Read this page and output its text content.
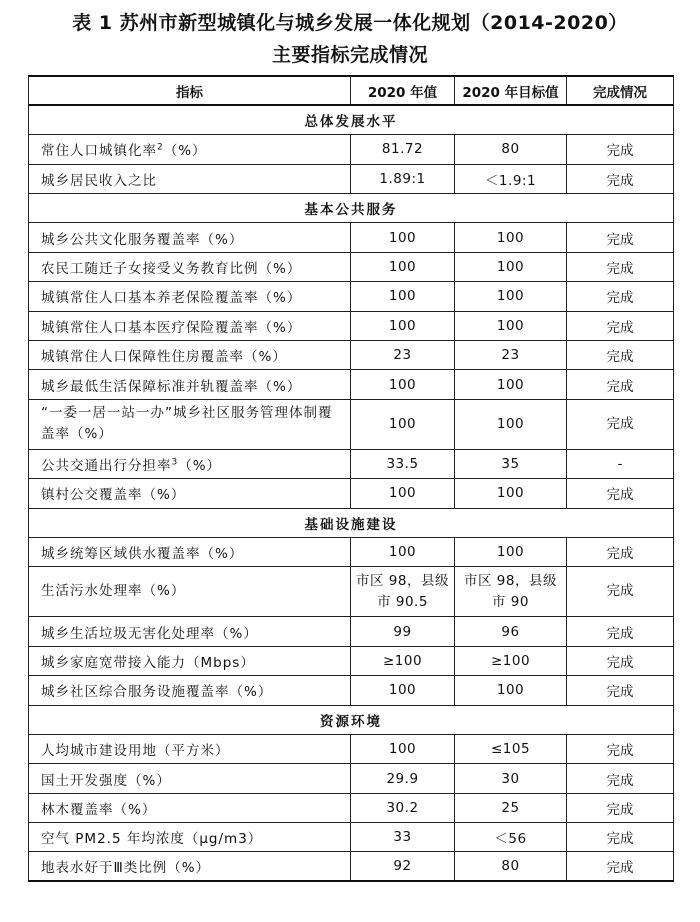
表 1 苏州市新型城镇化与城乡发展一体化规划（2014-2020）
主要指标完成情况
指标	2020 年值	2020 年目标值	完成情况
总体发展水平			
常住人口城镇化率$^2$（%）	81.72	80	完成
城乡居民收入之比	1.89:1	＜1.9:1	完成
基本公共服务			
城乡公共文化服务覆盖率（%）	100	100	完成
农民工随迁子女接受义务教育比例（%）	100	100	完成
城镇常住人口基本养老保险覆盖率（%）	100	100	完成
城镇常住人口基本医疗保险覆盖率（%）	100	100	完成
城镇常住人口保障性住房覆盖率（%）	23	23	完成
城乡最低生活保障标准并轨覆盖率（%）	100	100	完成
“一委一居一站一办”城乡社区服务管理体制覆盖率（%）	100	100	完成
公共交通出行分担率$^3$（%）	33.5	35	-
镇村公交覆盖率（%）	100	100	完成
基础设施建设			
城乡统筹区域供水覆盖率（%）	100	100	完成
生活污水处理率（%）	市区 98，县级市 90.5	市区 98，县级市 90	完成
城乡生活垃圾无害化处理率（%）	99	96	完成
城乡家庭宽带接入能力（Mbps）	≥100	≥100	完成
城乡社区综合服务设施覆盖率（%）	100	100	完成
资源环境			
人均城市建设用地（平方米）	100	≤105	完成
国土开发强度（%）	29.9	30	完成
林木覆盖率（%）	30.2	25	完成
空气 PM2.5 年均浓度（μg/m3）	33	＜56	完成
地表水好于Ⅲ类比例（%）	92	80	完成
